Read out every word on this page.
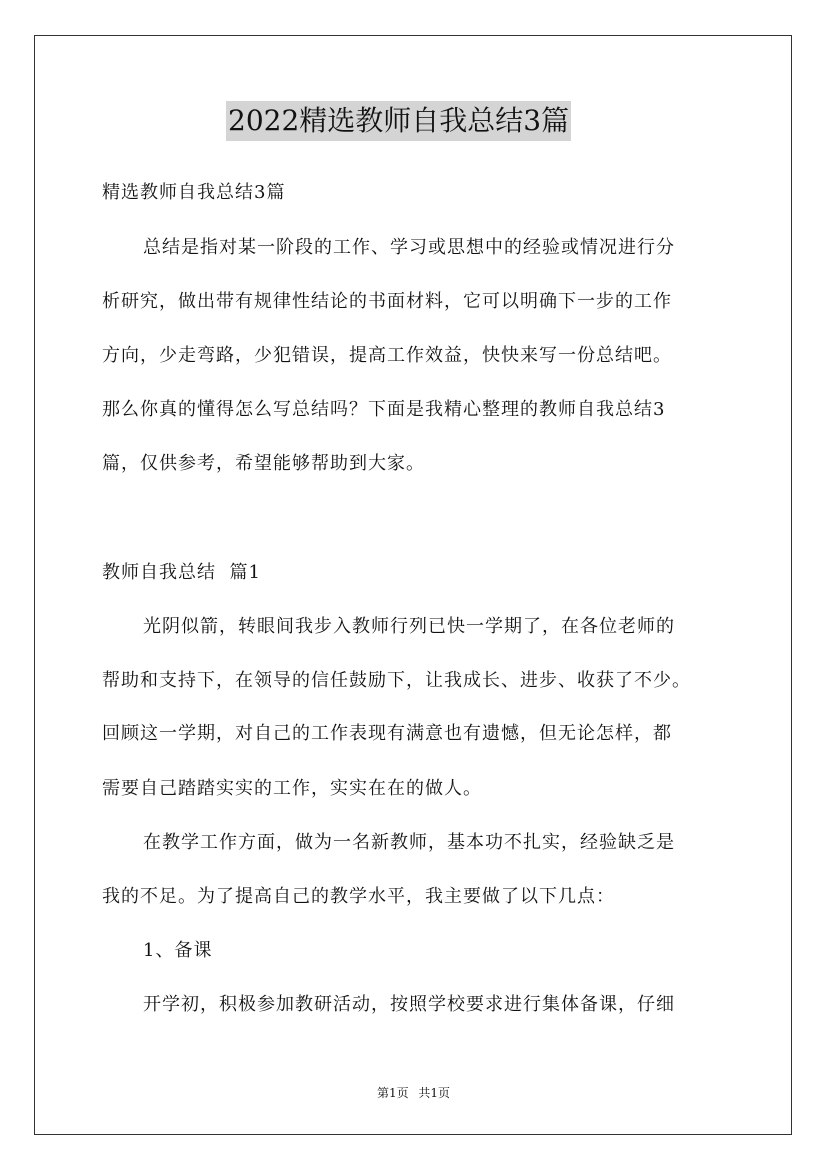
2022精选教师自我总结3篇
精选教师自我总结3篇
总结是指对某一阶段的工作、学习或思想中的经验或情况进行分
析研究，做出带有规律性结论的书面材料，它可以明确下一步的工作
方向，少走弯路，少犯错误，提高工作效益，快快来写一份总结吧。
那么你真的懂得怎么写总结吗？下面是我精心整理的教师自我总结3
篇，仅供参考，希望能够帮助到大家。
教师自我总结  篇1
光阴似箭，转眼间我步入教师行列已快一学期了，在各位老师的
帮助和支持下，在领导的信任鼓励下，让我成长、进步、收获了不少。
回顾这一学期，对自己的工作表现有满意也有遗憾，但无论怎样，都
需要自己踏踏实实的工作，实实在在的做人。
在教学工作方面，做为一名新教师，基本功不扎实，经验缺乏是
我的不足。为了提高自己的教学水平，我主要做了以下几点：
1、备课
开学初，积极参加教研活动，按照学校要求进行集体备课，仔细
第1页 共1页
